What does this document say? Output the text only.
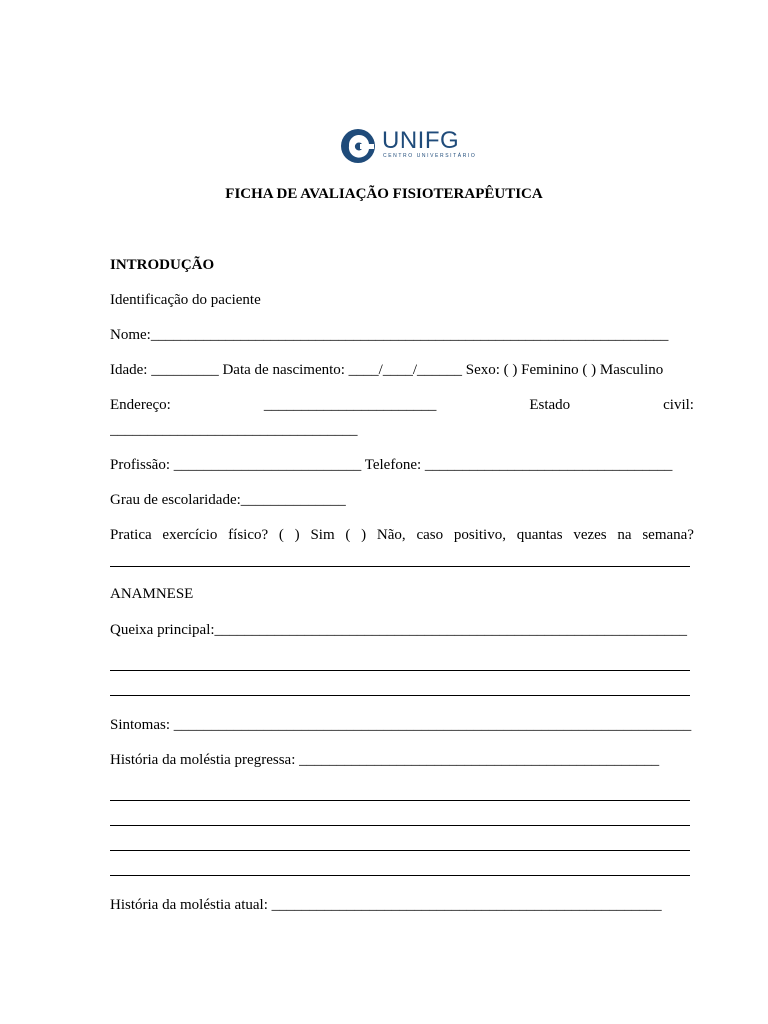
UNIFG
CENTRO UNIVERSITÁRIO
FICHA DE AVALIAÇÃO FISIOTERAPÊUTICA
INTRODUÇÃO
Identificação do paciente
Nome:_____________________________________________________________________
Idade: _________ Data de nascimento: ____/____/______ Sexo: ( ) Feminino ( ) Masculino
Endereço:	_______________________	Estado	civil:
_________________________________
Profissão: _________________________ Telefone: _________________________________
Grau de escolaridade:______________
Pratica exercício físico? ( ) Sim ( ) Não, caso positivo, quantas vezes na semana?
ANAMNESE
Queixa principal:_______________________________________________________________
Sintomas: _____________________________________________________________________
História da moléstia pregressa: ________________________________________________
História da moléstia atual: ____________________________________________________
